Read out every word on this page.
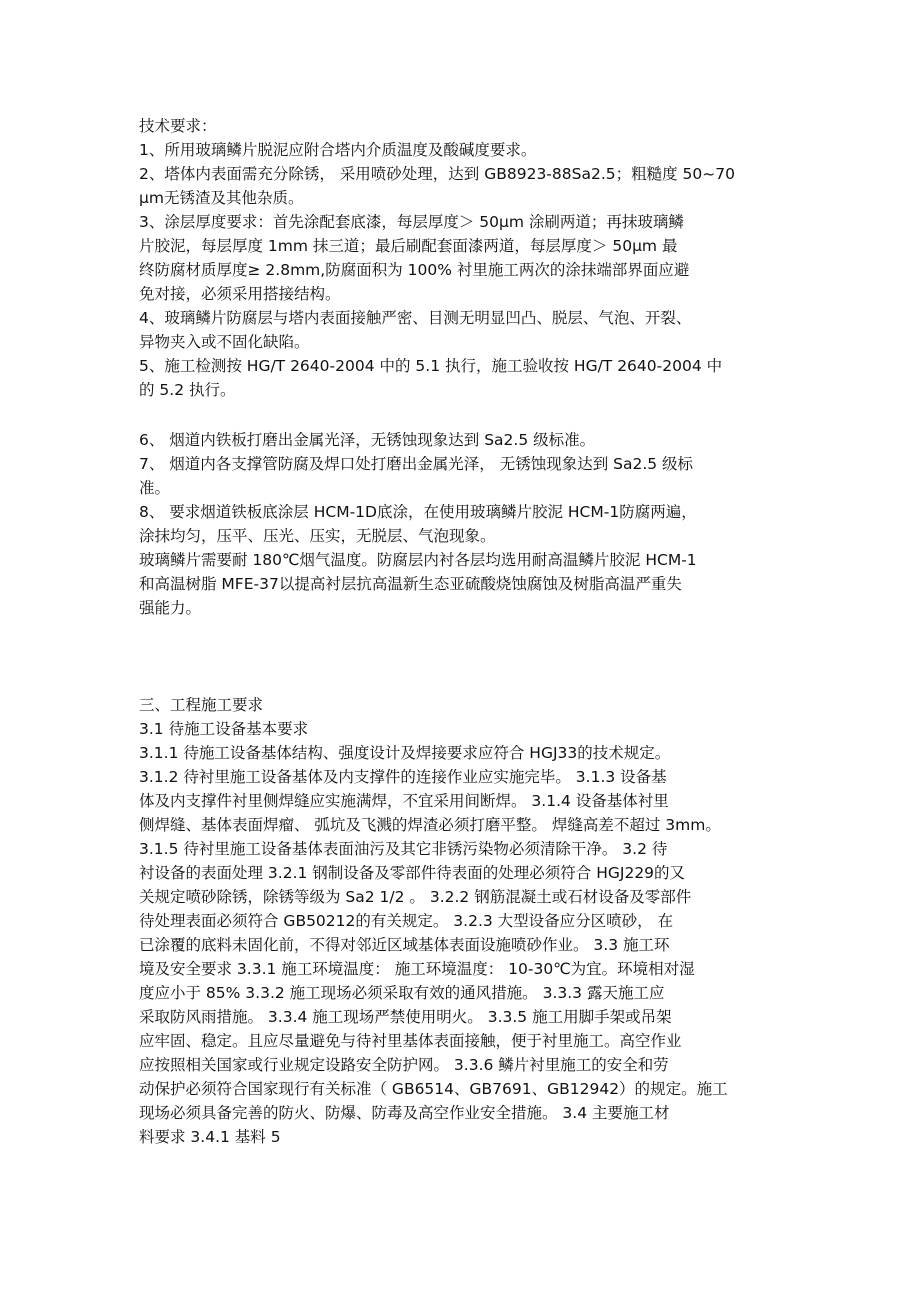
技术要求：
1、所用玻璃鳞片脱泥应附合塔内介质温度及酸碱度要求。
2、塔体内表面需充分除锈， 采用喷砂处理，达到 GB8923-88Sa2.5；粗糙度 50~70
μm无锈渣及其他杂质。
3、涂层厚度要求：首先涂配套底漆，每层厚度＞ 50μm 涂刷两道；再抹玻璃鳞
片胶泥，每层厚度 1mm 抹三道；最后刷配套面漆两道，每层厚度＞ 50μm 最
终防腐材质厚度≥ 2.8mm,防腐面积为 100% 衬里施工两次的涂抹端部界面应避
免对接，必须采用搭接结构。
4、玻璃鳞片防腐层与塔内表面接触严密、目测无明显凹凸、脱层、气泡、开裂、
异物夹入或不固化缺陷。
5、施工检测按 HG/T 2640-2004 中的 5.1 执行，施工验收按 HG/T 2640-2004 中
的 5.2 执行。
6、 烟道内铁板打磨出金属光泽，无锈蚀现象达到 Sa2.5 级标准。
7、 烟道内各支撑管防腐及焊口处打磨出金属光泽， 无锈蚀现象达到 Sa2.5 级标
准。
8、 要求烟道铁板底涂层 HCM-1D底涂，在使用玻璃鳞片胶泥 HCM-1防腐两遍，
涂抹均匀，压平、压光、压实，无脱层、气泡现象。
玻璃鳞片需要耐 180℃烟气温度。防腐层内衬各层均选用耐高温鳞片胶泥 HCM-1
和高温树脂 MFE-37以提高衬层抗高温新生态亚硫酸烧蚀腐蚀及树脂高温严重失
强能力。
三、工程施工要求
3.1 待施工设备基本要求
3.1.1 待施工设备基体结构、强度设计及焊接要求应符合 HGJ33的技术规定。
3.1.2 待衬里施工设备基体及内支撑件的连接作业应实施完毕。 3.1.3 设备基
体及内支撑件衬里侧焊缝应实施满焊，不宜采用间断焊。 3.1.4 设备基体衬里
侧焊缝、基体表面焊瘤、 弧坑及飞溅的焊渣必须打磨平整。 焊缝高差不超过 3mm。
3.1.5 待衬里施工设备基体表面油污及其它非锈污染物必须清除干净。 3.2 待
衬设备的表面处理 3.2.1 钢制设备及零部件待表面的处理必须符合 HGJ229的又
关规定喷砂除锈，除锈等级为 Sa2 1/2 。 3.2.2 钢筋混凝土或石材设备及零部件
待处理表面必须符合 GB50212的有关规定。 3.2.3 大型设备应分区喷砂， 在
已涂覆的底料未固化前，不得对邻近区域基体表面设施喷砂作业。 3.3 施工环
境及安全要求 3.3.1 施工环境温度： 施工环境温度： 10-30℃为宜。环境相对湿
度应小于 85% 3.3.2 施工现场必须采取有效的通风措施。 3.3.3 露天施工应
采取防风雨措施。 3.3.4 施工现场严禁使用明火。 3.3.5 施工用脚手架或吊架
应牢固、稳定。且应尽量避免与待衬里基体表面接触，便于衬里施工。高空作业
应按照相关国家或行业规定设路安全防护网。 3.3.6 鳞片衬里施工的安全和劳
动保护必须符合国家现行有关标准（ GB6514、GB7691、GB12942）的规定。施工
现场必须具备完善的防火、防爆、防毒及高空作业安全措施。 3.4 主要施工材
料要求 3.4.1 基料 5
